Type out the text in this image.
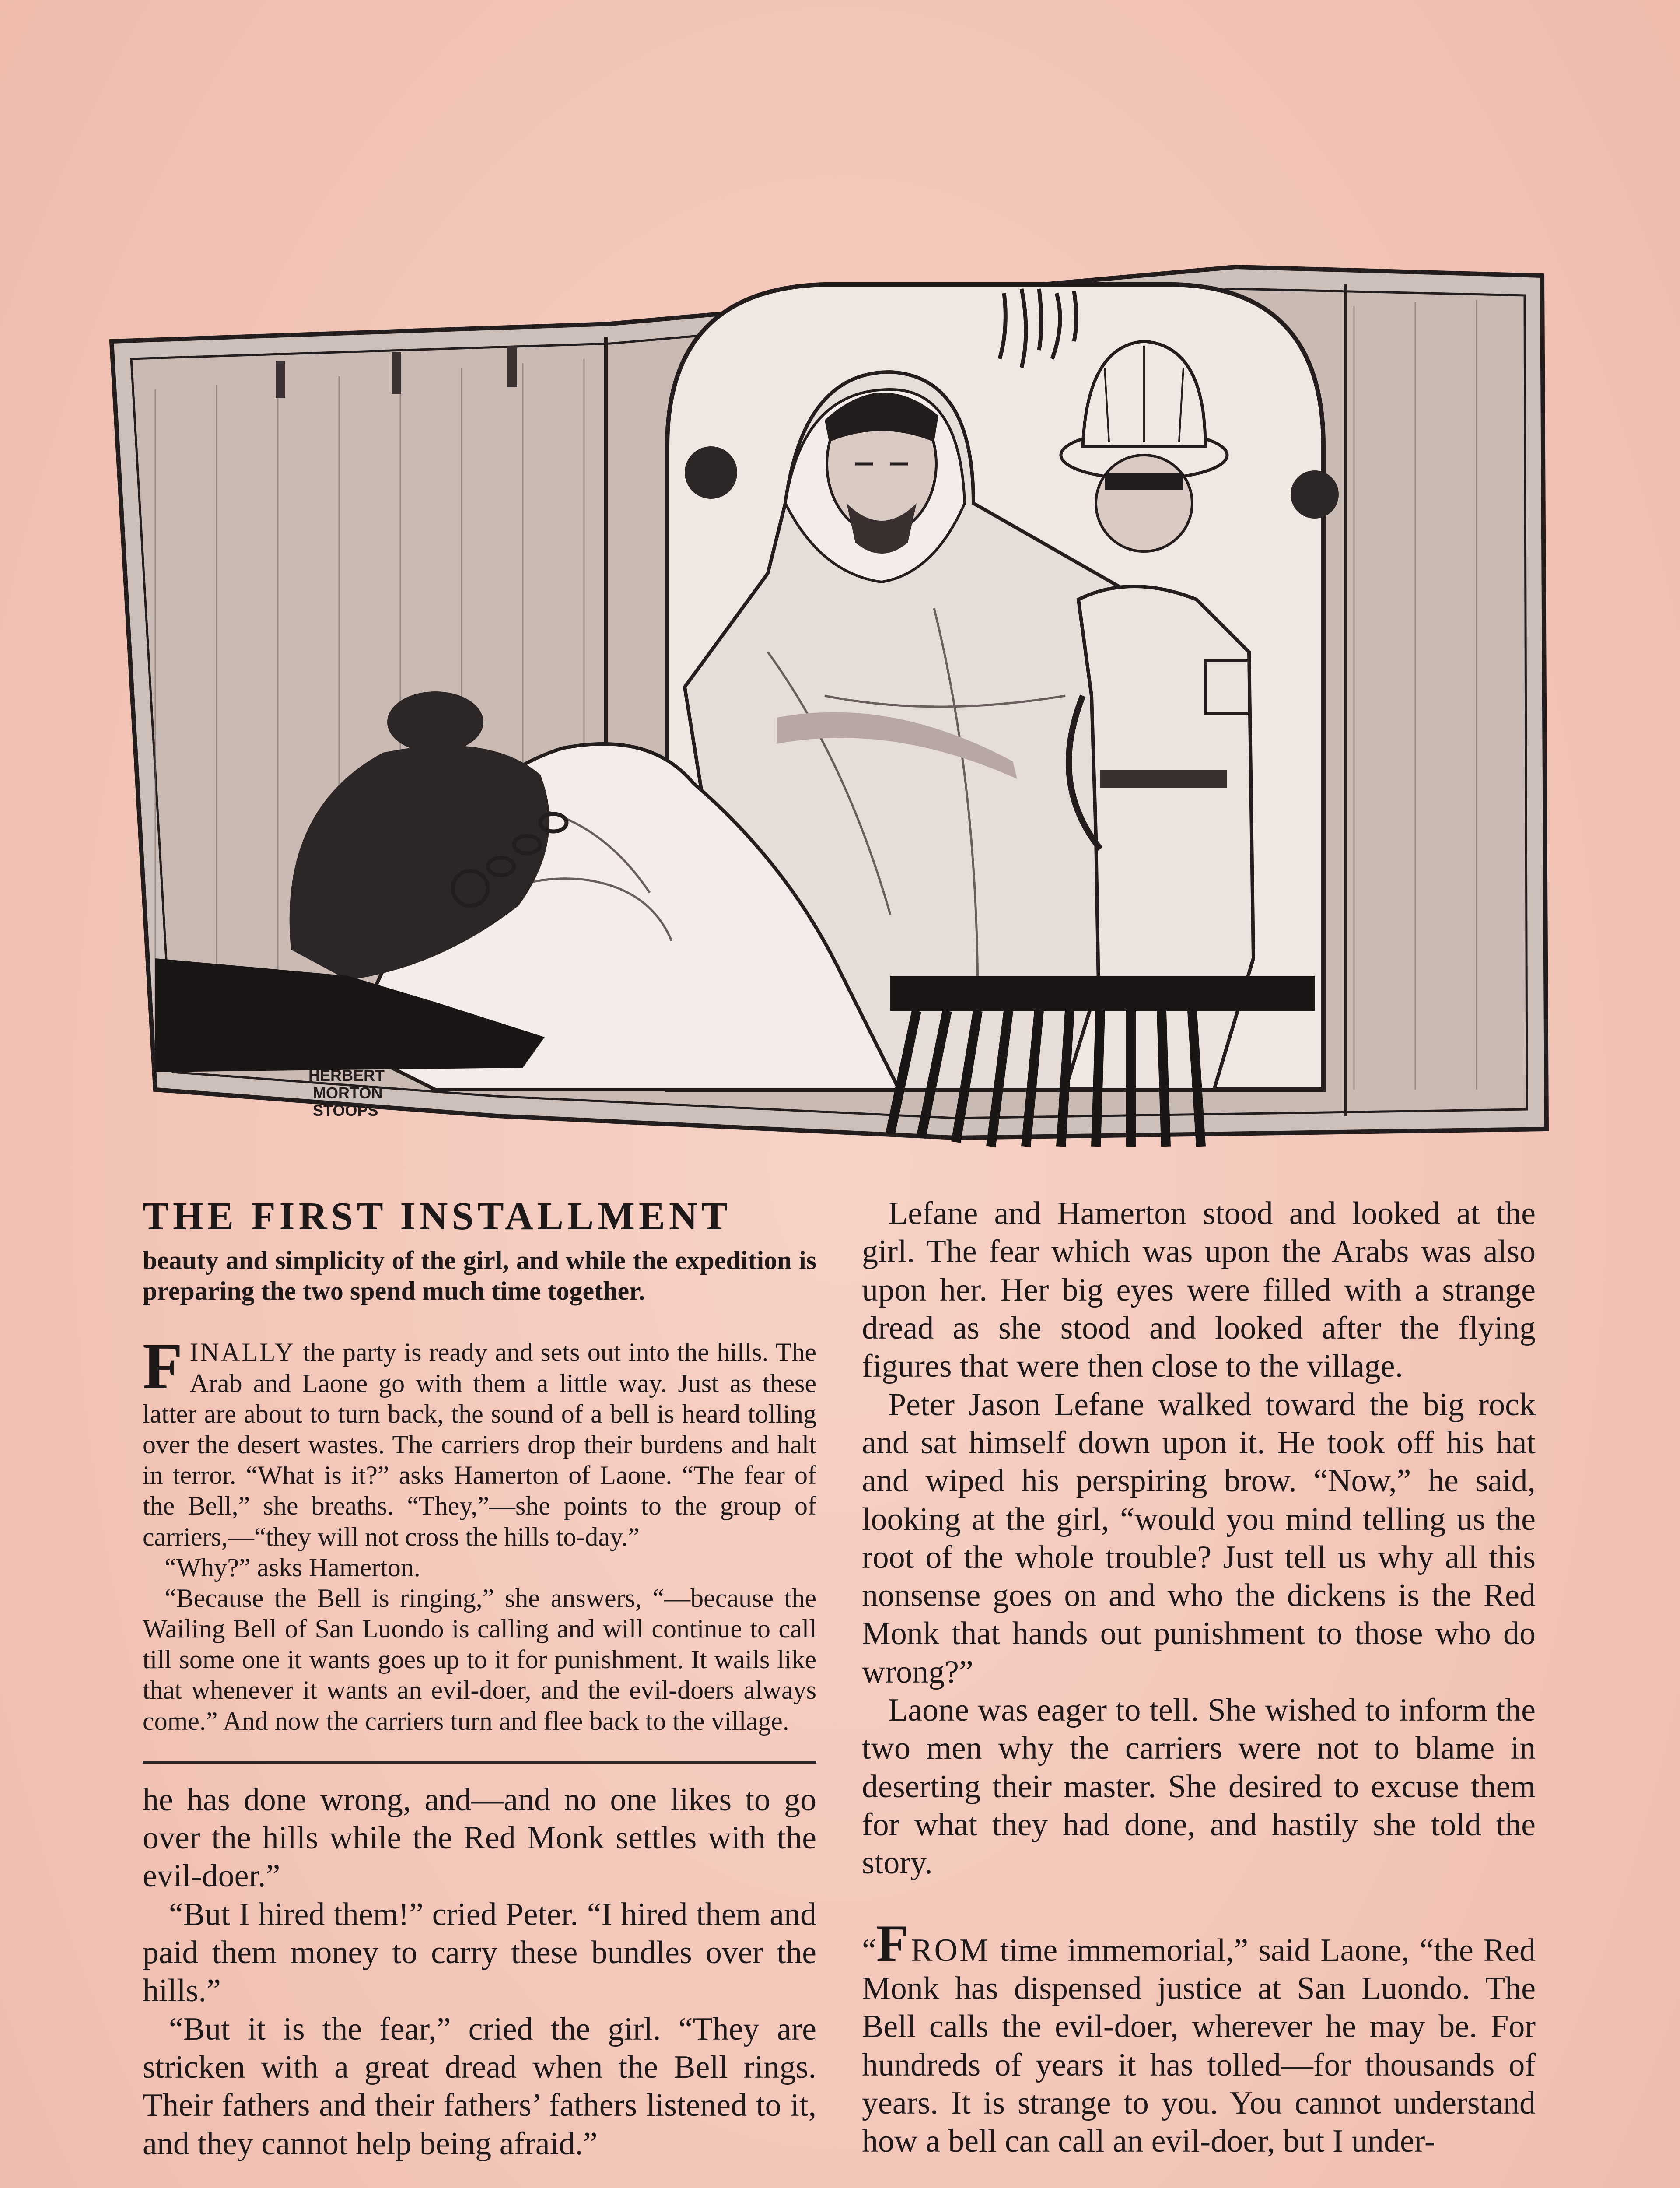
HERBERT
MORTON
STOOPS
THE FIRST INSTALLMENT

beauty and simplicity of the girl, and while the expedition is preparing the two spend much time together.

FINALLY the party is ready and sets out into the hills. The Arab and Laone go with them a little way. Just as these latter are about to turn back, the sound of a bell is heard tolling over the desert wastes. The carriers drop their burdens and halt in terror. “What is it?” asks Hamerton of Laone. “The fear of the Bell,” she breaths. “They,”—she points to the group of carriers,—“they will not cross the hills to-day.”

“Why?” asks Hamerton.

“Because the Bell is ringing,” she answers, “—because the Wailing Bell of San Luondo is calling and will continue to call till some one it wants goes up to it for punishment. It wails like that whenever it wants an evil-doer, and the evil-doers always come.” And now the carriers turn and flee back to the village.

he has done wrong, and—and no one likes to go over the hills while the Red Monk settles with the evil-doer.”

“But I hired them!” cried Peter. “I hired them and paid them money to carry these bundles over the hills.”

“But it is the fear,” cried the girl. “They are stricken with a great dread when the Bell rings. Their fathers and their fathers’ fathers listened to it, and they cannot help being afraid.”

Lefane and Hamerton stood and looked at the girl. The fear which was upon the Arabs was also upon her. Her big eyes were filled with a strange dread as she stood and looked after the flying figures that were then close to the village.

Peter Jason Lefane walked toward the big rock and sat himself down upon it. He took off his hat and wiped his perspiring brow. “Now,” he said, looking at the girl, “would you mind telling us the root of the whole trouble? Just tell us why all this nonsense goes on and who the dickens is the Red Monk that hands out punishment to those who do wrong?”

Laone was eager to tell. She wished to inform the two men why the carriers were not to blame in deserting their master. She desired to excuse them for what they had done, and hastily she told the story.

“FROM time immemorial,” said Laone, “the Red Monk has dispensed justice at San Luondo. The Bell calls the evil-doer, wherever he may be. For hundreds of years it has tolled—for thousands of years. It is strange to you. You cannot understand how a bell can call an evil-doer, but I under-
